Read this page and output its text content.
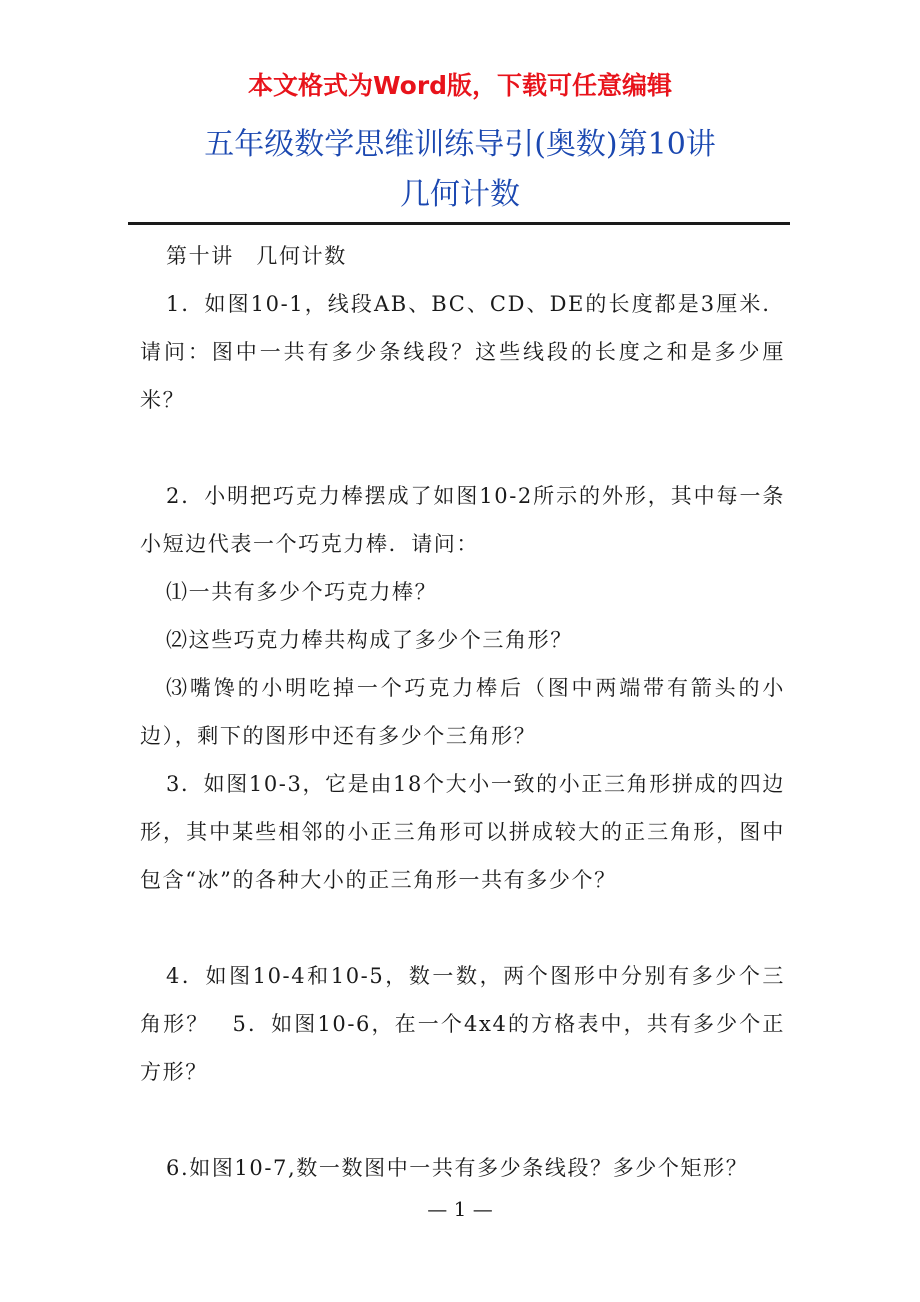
本文格式为Word版，下载可任意编辑
五年级数学思维训练导引(奥数)第10讲
几何计数

第十讲　几何计数

1．如图10-1，线段AB、BC、CD、DE的长度都是3厘米．请问：图中一共有多少条线段？这些线段的长度之和是多少厘米？

2．小明把巧克力棒摆成了如图10-2所示的外形，其中每一条小短边代表一个巧克力棒．请问：

⑴一共有多少个巧克力棒？

⑵这些巧克力棒共构成了多少个三角形？

⑶嘴馋的小明吃掉一个巧克力棒后（图中两端带有箭头的小边），剩下的图形中还有多少个三角形？

3．如图10-3，它是由18个大小一致的小正三角形拼成的四边形，其中某些相邻的小正三角形可以拼成较大的正三角形，图中包含“冰”的各种大小的正三角形一共有多少个？

4．如图10-4和10-5，数一数，两个图形中分别有多少个三角形？　5．如图10-6，在一个4x4的方格表中，共有多少个正方形？

6.如图10-7,数一数图中一共有多少条线段？多少个矩形？

— 1 —
